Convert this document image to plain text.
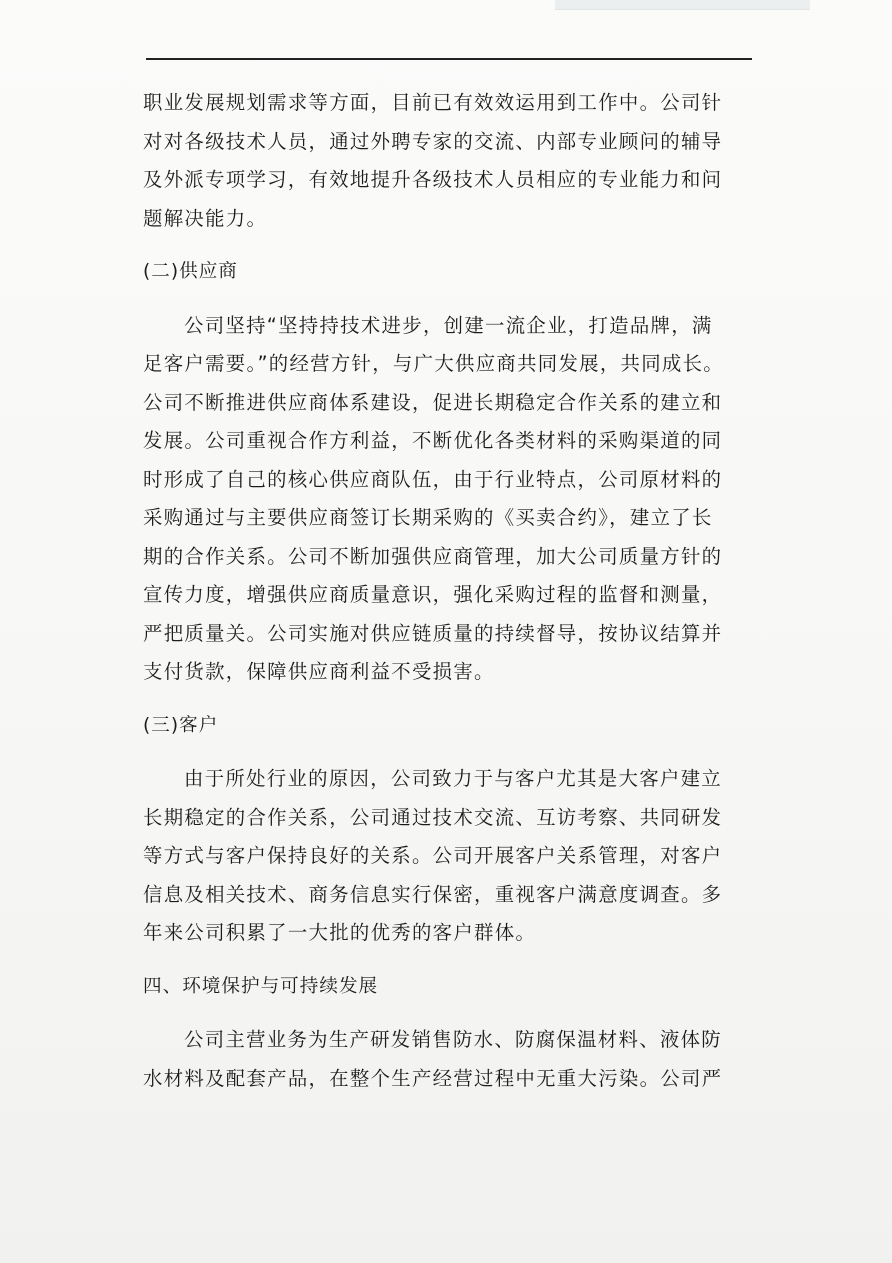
职业发展规划需求等方面，目前已有效效运用到工作中。公司针
对对各级技术人员，通过外聘专家的交流、内部专业顾问的辅导
及外派专项学习，有效地提升各级技术人员相应的专业能力和问
题解决能力。

(二)供应商

公司坚持“坚持持技术进步，创建一流企业，打造品牌，满
足客户需要。”的经营方针，与广大供应商共同发展，共同成长。
公司不断推进供应商体系建设，促进长期稳定合作关系的建立和
发展。公司重视合作方利益，不断优化各类材料的采购渠道的同
时形成了自己的核心供应商队伍，由于行业特点，公司原材料的
采购通过与主要供应商签订长期采购的《买卖合约》，建立了长
期的合作关系。公司不断加强供应商管理，加大公司质量方针的
宣传力度，增强供应商质量意识，强化采购过程的监督和测量，
严把质量关。公司实施对供应链质量的持续督导，按协议结算并
支付货款，保障供应商利益不受损害。

(三)客户

由于所处行业的原因，公司致力于与客户尤其是大客户建立
长期稳定的合作关系，公司通过技术交流、互访考察、共同研发
等方式与客户保持良好的关系。公司开展客户关系管理，对客户
信息及相关技术、商务信息实行保密，重视客户满意度调查。多
年来公司积累了一大批的优秀的客户群体。

四、环境保护与可持续发展

公司主营业务为生产研发销售防水、防腐保温材料、液体防
水材料及配套产品，在整个生产经营过程中无重大污染。公司严
